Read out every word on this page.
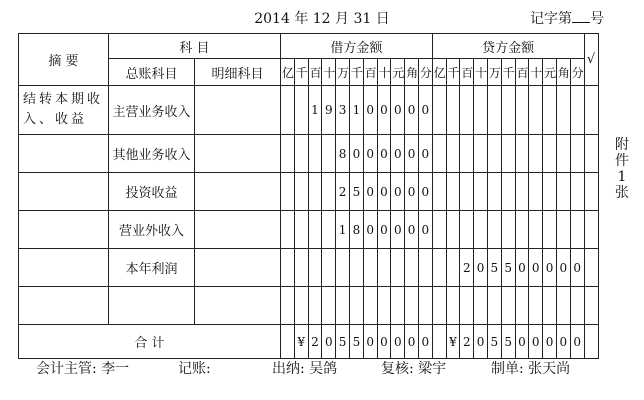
2014 年 12 月 31 日	记字第 号
摘 要	科 目		借方金额											贷方金额											√
	总账科目	明细科目	亿	千	百	十	万	千	百	十	元	角	分	亿	千	百	十	万	千	百	十	元	角	分	
结转本期收入、收益	主营业务收入				1	9	3	1	0	0	0	0	0												
	其他业务收入						8	0	0	0	0	0	0												
	投资收益						2	5	0	0	0	0	0												
	营业外收入						1	8	0	0	0	0	0												
	本年利润															2	0	5	5	0	0	0	0	0	

合 计				¥	2	0	5	5	0	0	0	0	0		¥	2	0	5	5	0	0	0	0	0	
附
件
1
张
会计主管: 李一	记账:	出纳: 吴鸽	复核: 梁宇	制单: 张天尚
